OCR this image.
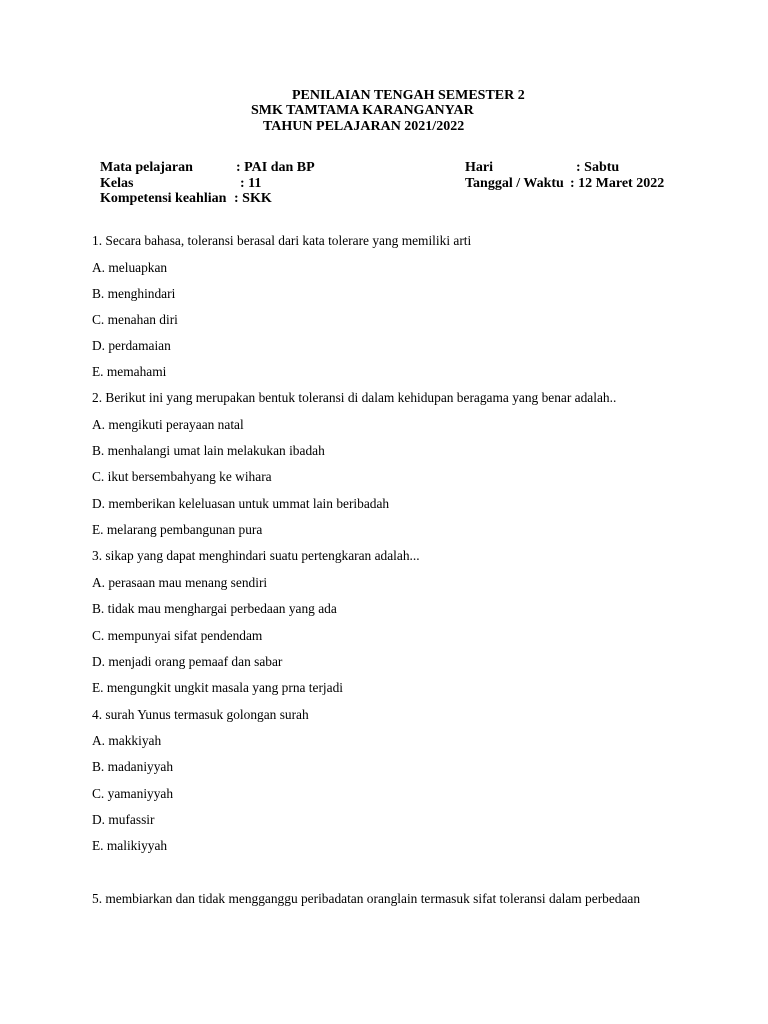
PENILAIAN TENGAH SEMESTER 2
SMK TAMTAMA KARANGANYAR
TAHUN PELAJARAN 2021/2022
Mata pelajaran	: PAI dan BP	Hari	: Sabtu
Kelas	: 11	Tanggal / Waktu : 12 Maret 2022
Kompetensi keahlian : SKK
1. Secara bahasa, toleransi berasal dari kata tolerare yang memiliki arti
A. meluapkan
B. menghindari
C. menahan diri
D. perdamaian
E. memahami
2. Berikut ini yang merupakan bentuk toleransi di dalam kehidupan beragama yang benar adalah..
A. mengikuti perayaan natal
B. menhalangi umat lain melakukan ibadah
C. ikut bersembahyang ke wihara
D. memberikan keleluasan untuk ummat lain beribadah
E. melarang pembangunan pura
3. sikap yang dapat menghindari suatu pertengkaran adalah...
A. perasaan mau menang sendiri
B. tidak mau menghargai perbedaan yang ada
C. mempunyai sifat pendendam
D. menjadi orang pemaaf dan sabar
E. mengungkit ungkit masala yang prna terjadi
4. surah Yunus termasuk golongan surah
A. makkiyah
B. madaniyyah
C. yamaniyyah
D. mufassir
E. malikiyyah
5. membiarkan dan tidak mengganggu peribadatan oranglain termasuk sifat toleransi dalam perbedaan
